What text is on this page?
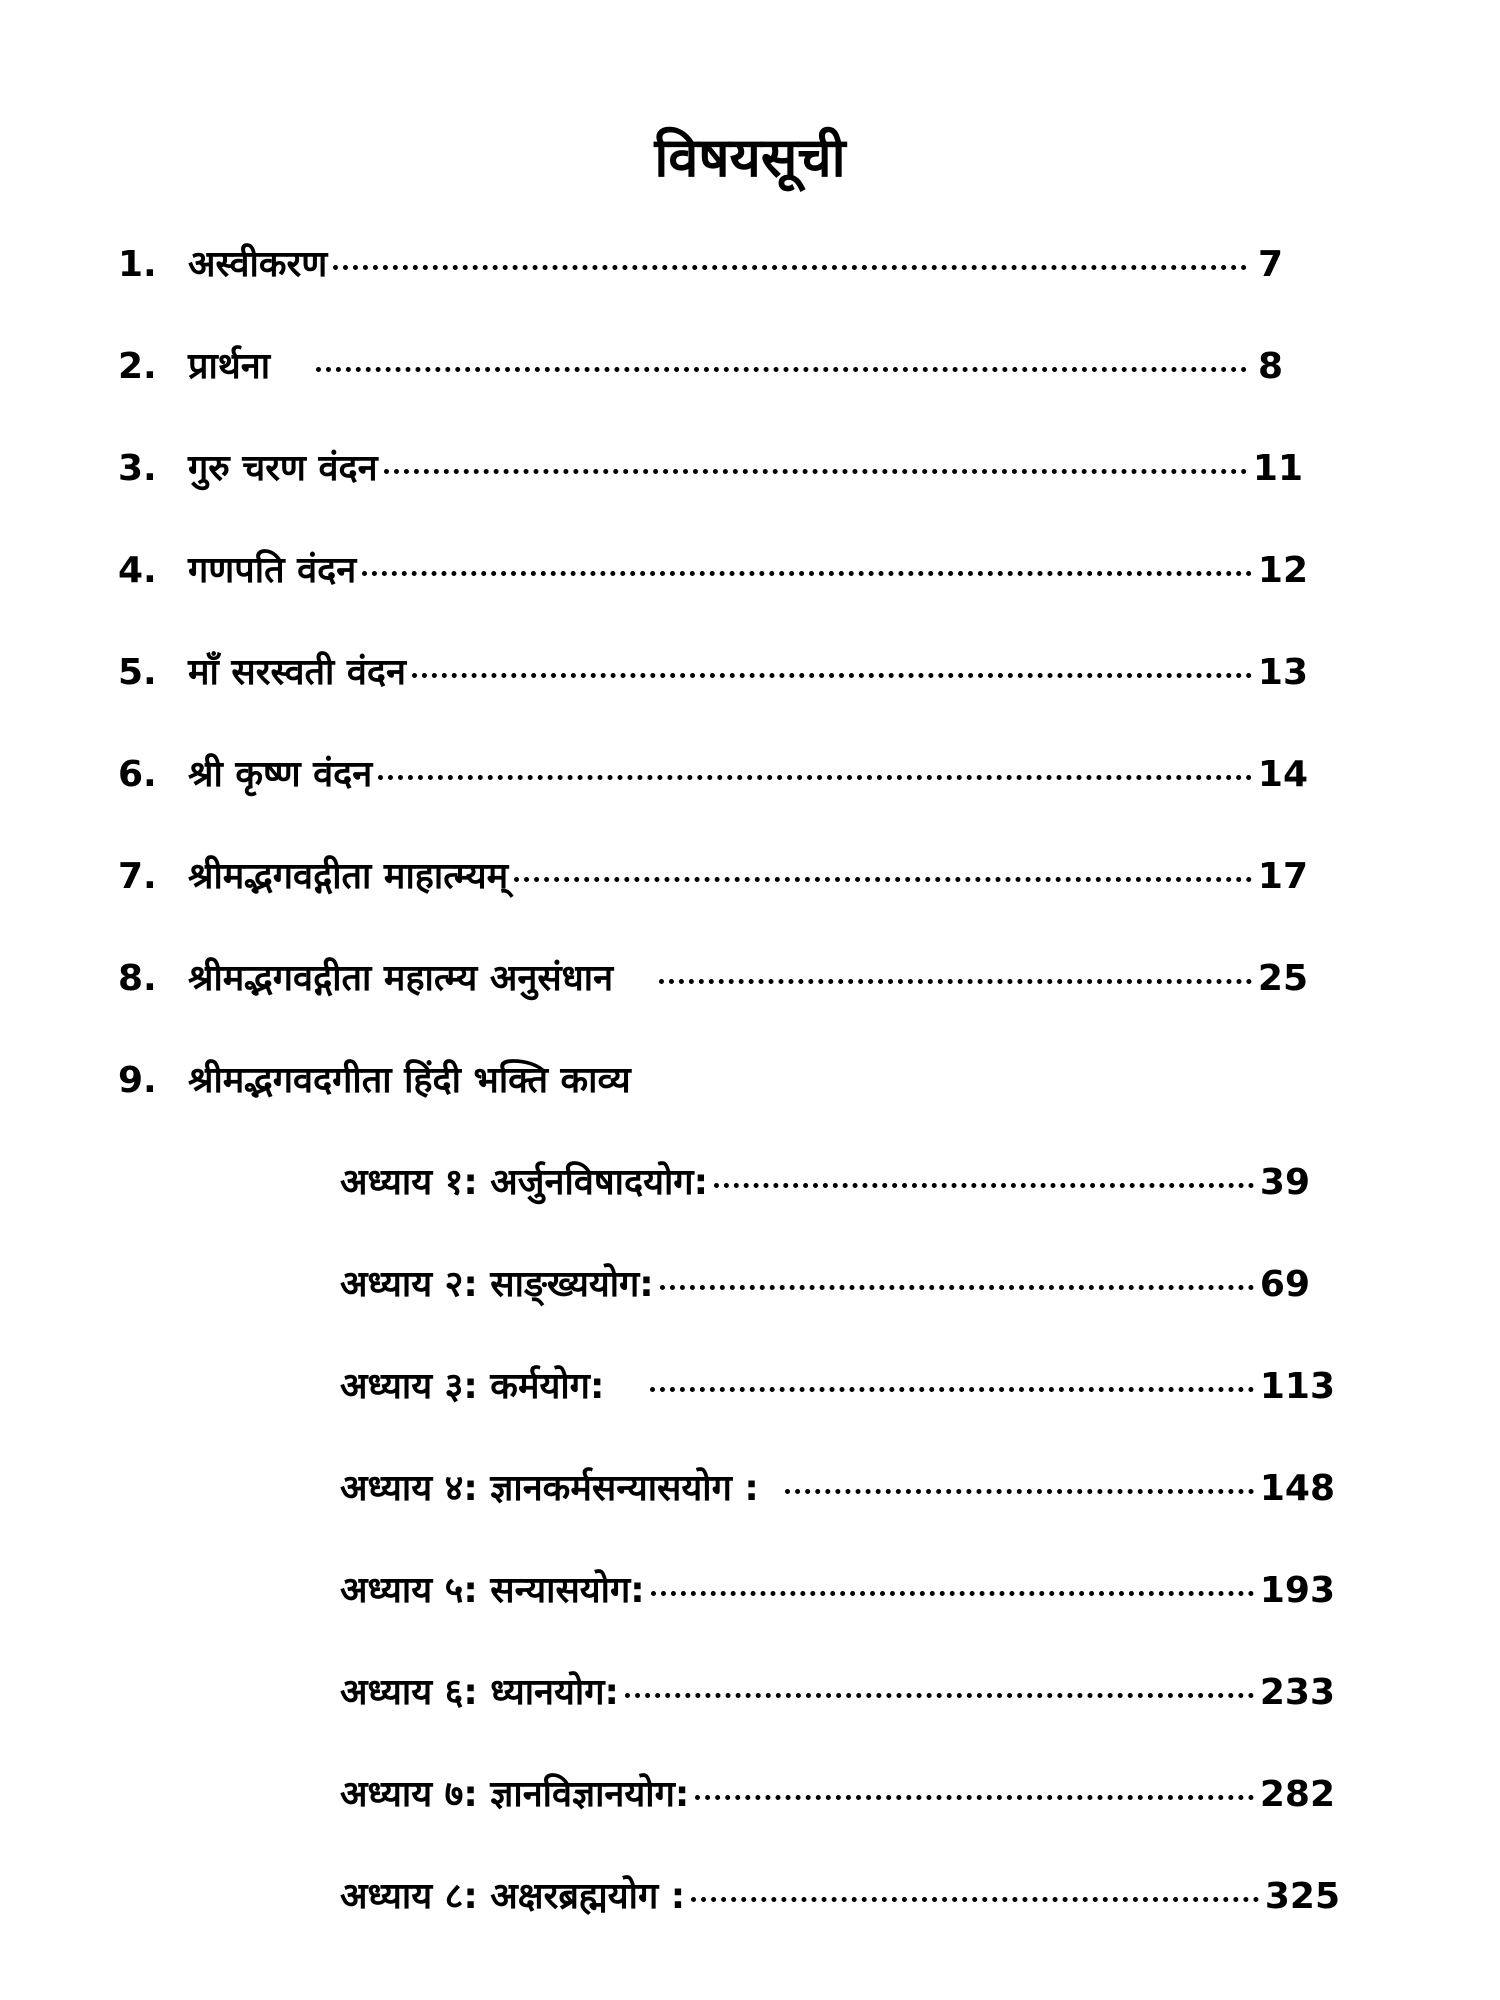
विषयसूची
1. अस्वीकरण	7
2. प्रार्थना	8
3. गुरु चरण वंदन	11
4. गणपति वंदन	12
5. माँ सरस्वती वंदन	13
6. श्री कृष्ण वंदन	14
7. श्रीमद्भगवद्गीता माहात्म्यम्	17
8. श्रीमद्भगवद्गीता महात्म्य अनुसंधान	25
9. श्रीमद्भगवदगीता हिंदी भक्ति काव्य
अध्याय १: अर्जुनविषादयोग:	39
अध्याय २: साङ्ख्ययोग:	69
अध्याय ३: कर्मयोग:	113
अध्याय ४: ज्ञानकर्मसन्यासयोग :	148
अध्याय ५: सन्यासयोग:	193
अध्याय ६: ध्यानयोग:	233
अध्याय ७: ज्ञानविज्ञानयोग:	282
अध्याय ८: अक्षरब्रह्मयोग :	325
